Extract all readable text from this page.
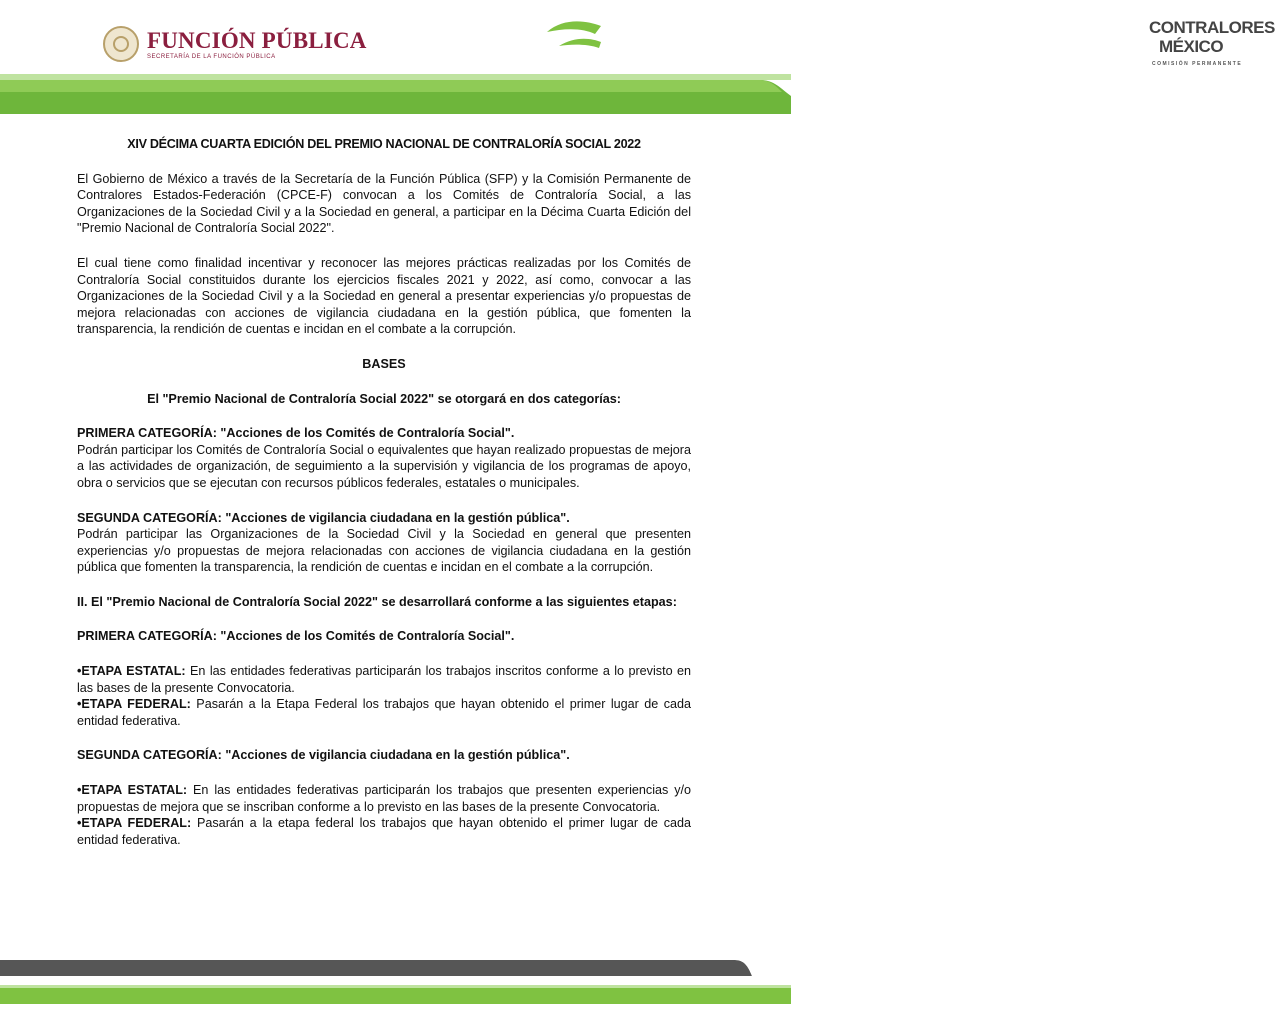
FUNCIÓN PÚBLICA
SECRETARÍA DE LA FUNCIÓN PÚBLICA
CONTRALORES
MÉXICO
COMISIÓN PERMANENTE
XIV DÉCIMA CUARTA EDICIÓN DEL PREMIO NACIONAL DE CONTRALORÍA SOCIAL 2022

El Gobierno de México a través de la Secretaría de la Función Pública (SFP) y la Comisión Permanente de Contralores Estados-Federación (CPCE-F) convocan a los Comités de Contraloría Social, a las Organizaciones de la Sociedad Civil y a la Sociedad en general, a participar en la Décima Cuarta Edición del "Premio Nacional de Contraloría Social 2022".

El cual tiene como finalidad incentivar y reconocer las mejores prácticas realizadas por los Comités de Contraloría Social constituidos durante los ejercicios fiscales 2021 y 2022, así como, convocar a las Organizaciones de la Sociedad Civil y a la Sociedad en general a presentar experiencias y/o propuestas de mejora relacionadas con acciones de vigilancia ciudadana en la gestión pública, que fomenten la transparencia, la rendición de cuentas e incidan en el combate a la corrupción.

BASES
El "Premio Nacional de Contraloría Social 2022" se otorgará en dos categorías:
PRIMERA CATEGORÍA: "Acciones de los Comités de Contraloría Social".

Podrán participar los Comités de Contraloría Social o equivalentes que hayan realizado propuestas de mejora a las actividades de organización, de seguimiento a la supervisión y vigilancia de los programas de apoyo, obra o servicios que se ejecutan con recursos públicos federales, estatales o municipales.

SEGUNDA CATEGORÍA: "Acciones de vigilancia ciudadana en la gestión pública".

Podrán participar las Organizaciones de la Sociedad Civil y la Sociedad en general que presenten experiencias y/o propuestas de mejora relacionadas con acciones de vigilancia ciudadana en la gestión pública que fomenten la transparencia, la rendición de cuentas e incidan en el combate a la corrupción.

II. El "Premio Nacional de Contraloría Social 2022" se desarrollará conforme a las siguientes etapas:
PRIMERA CATEGORÍA: "Acciones de los Comités de Contraloría Social".

•ETAPA ESTATAL: En las entidades federativas participarán los trabajos inscritos conforme a lo previsto en las bases de la presente Convocatoria.

•ETAPA FEDERAL: Pasarán a la Etapa Federal los trabajos que hayan obtenido el primer lugar de cada entidad federativa.

SEGUNDA CATEGORÍA: "Acciones de vigilancia ciudadana en la gestión pública".

•ETAPA ESTATAL: En las entidades federativas participarán los trabajos que presenten experiencias y/o propuestas de mejora que se inscriban conforme a lo previsto en las bases de la presente Convocatoria.

•ETAPA FEDERAL: Pasarán a la etapa federal los trabajos que hayan obtenido el primer lugar de cada entidad federativa.
